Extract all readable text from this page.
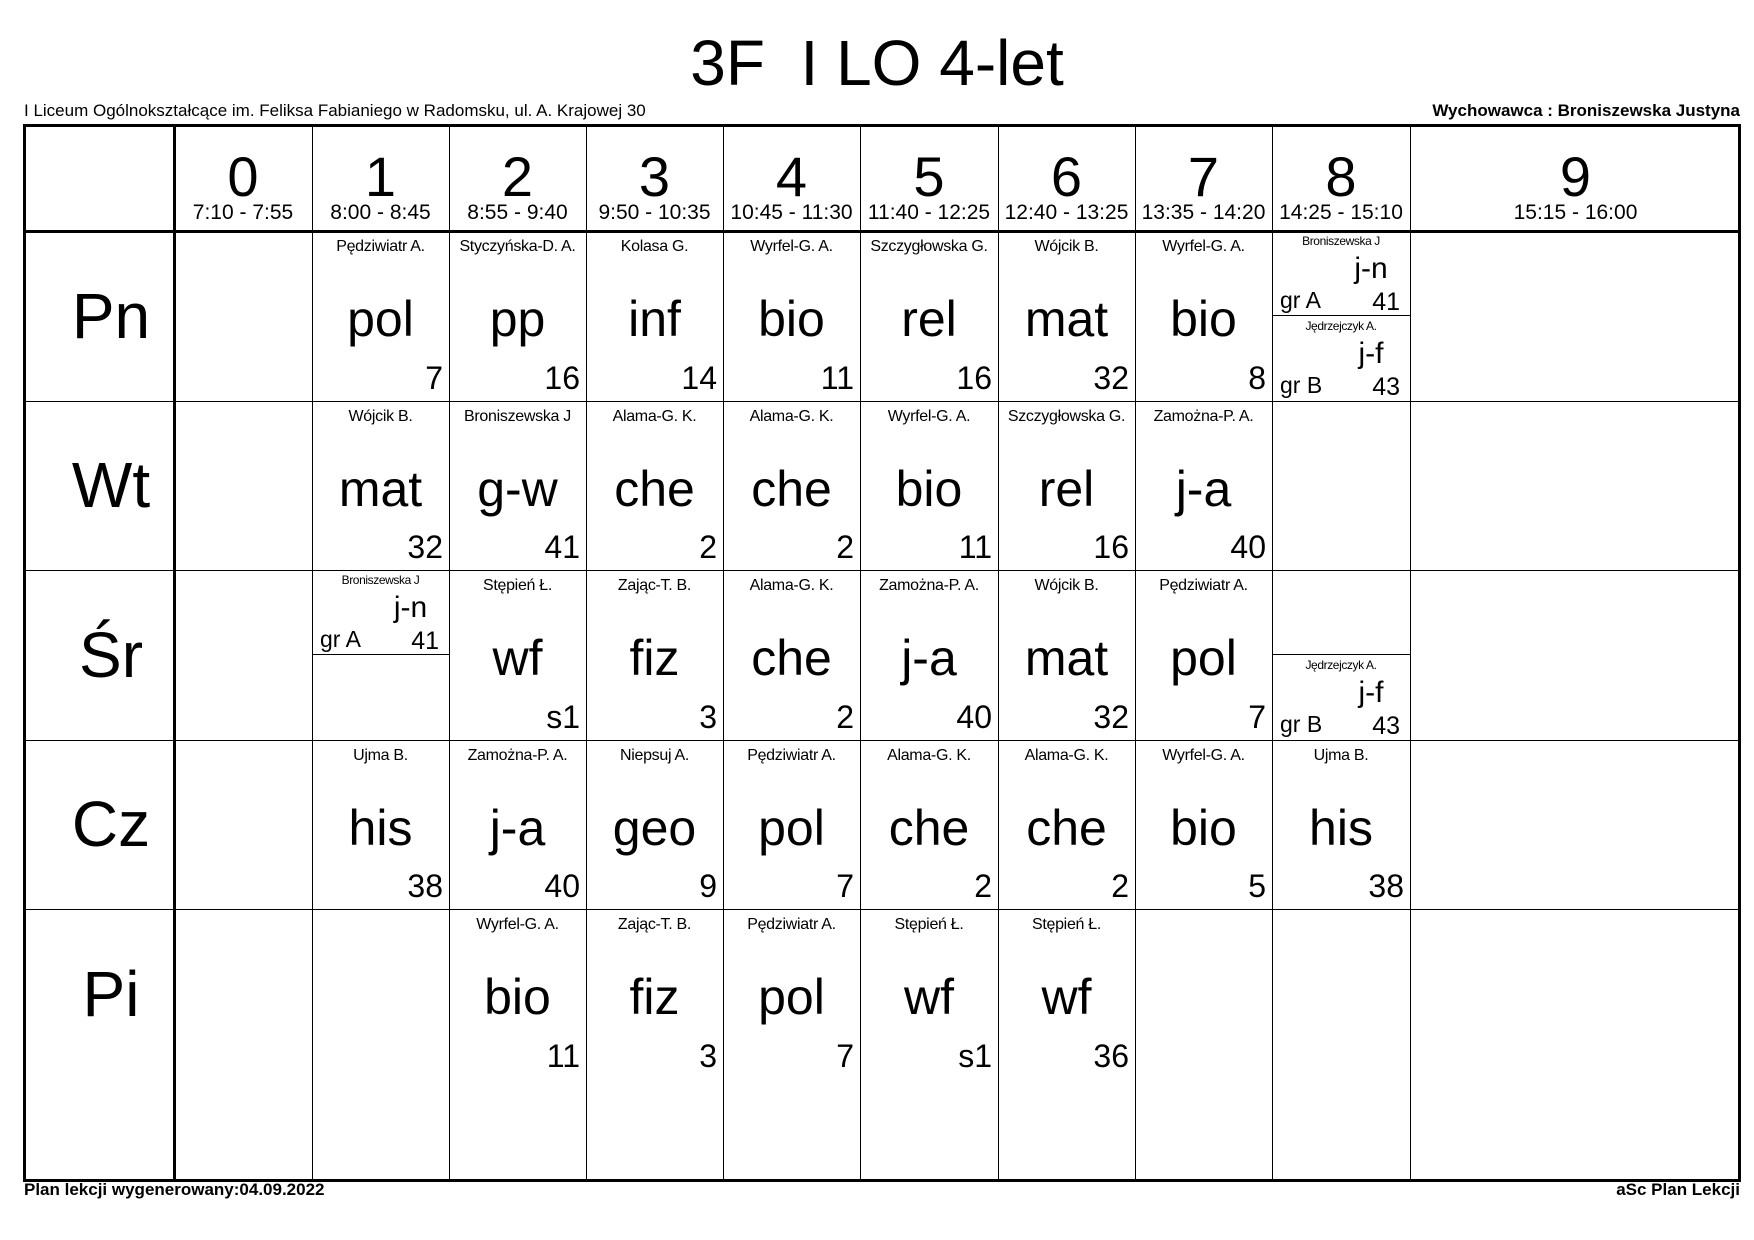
3F  I LO 4-let
I Liceum Ogólnokształcące im. Feliksa Fabianiego w Radomsku, ul. A. Krajowej 30	Wychowawca : Broniszewska Justyna
0
7:10 - 7:55
1
8:00 - 8:45
2
8:55 - 9:40
3
9:50 - 10:35
4
10:45 - 11:30
5
11:40 - 12:25
6
12:40 - 13:25
7
13:35 - 14:20
8
14:25 - 15:10
9
15:15 - 16:00
Pn
Pędziwiatr A.
pol
7
Styczyńska-D. A.
pp
16
Kolasa G.
inf
14
Wyrfel-G. A.
bio
11
Szczygłowska G.
rel
16
Wójcik B.
mat
32
Wyrfel-G. A.
bio
8
Broniszewska J
j-n
gr A 41
Jędrzejczyk A.
j-f
gr B 43
Wt
Wójcik B.
mat
32
Broniszewska J
g-w
41
Alama-G. K.
che
2
Alama-G. K.
che
2
Wyrfel-G. A.
bio
11
Szczygłowska G.
rel
16
Zamożna-P. A.
j-a
40
Śr
Broniszewska J
j-n
gr A 41
Stępień Ł.
wf
s1
Zając-T. B.
fiz
3
Alama-G. K.
che
2
Zamożna-P. A.
j-a
40
Wójcik B.
mat
32
Pędziwiatr A.
pol
7
Jędrzejczyk A.
j-f
gr B 43
Cz
Ujma B.
his
38
Zamożna-P. A.
j-a
40
Niepsuj A.
geo
9
Pędziwiatr A.
pol
7
Alama-G. K.
che
2
Alama-G. K.
che
2
Wyrfel-G. A.
bio
5
Ujma B.
his
38
Pi
Wyrfel-G. A.
bio
11
Zając-T. B.
fiz
3
Pędziwiatr A.
pol
7
Stępień Ł.
wf
s1
Stępień Ł.
wf
36
Plan lekcji wygenerowany:04.09.2022	aSc Plan Lekcji
